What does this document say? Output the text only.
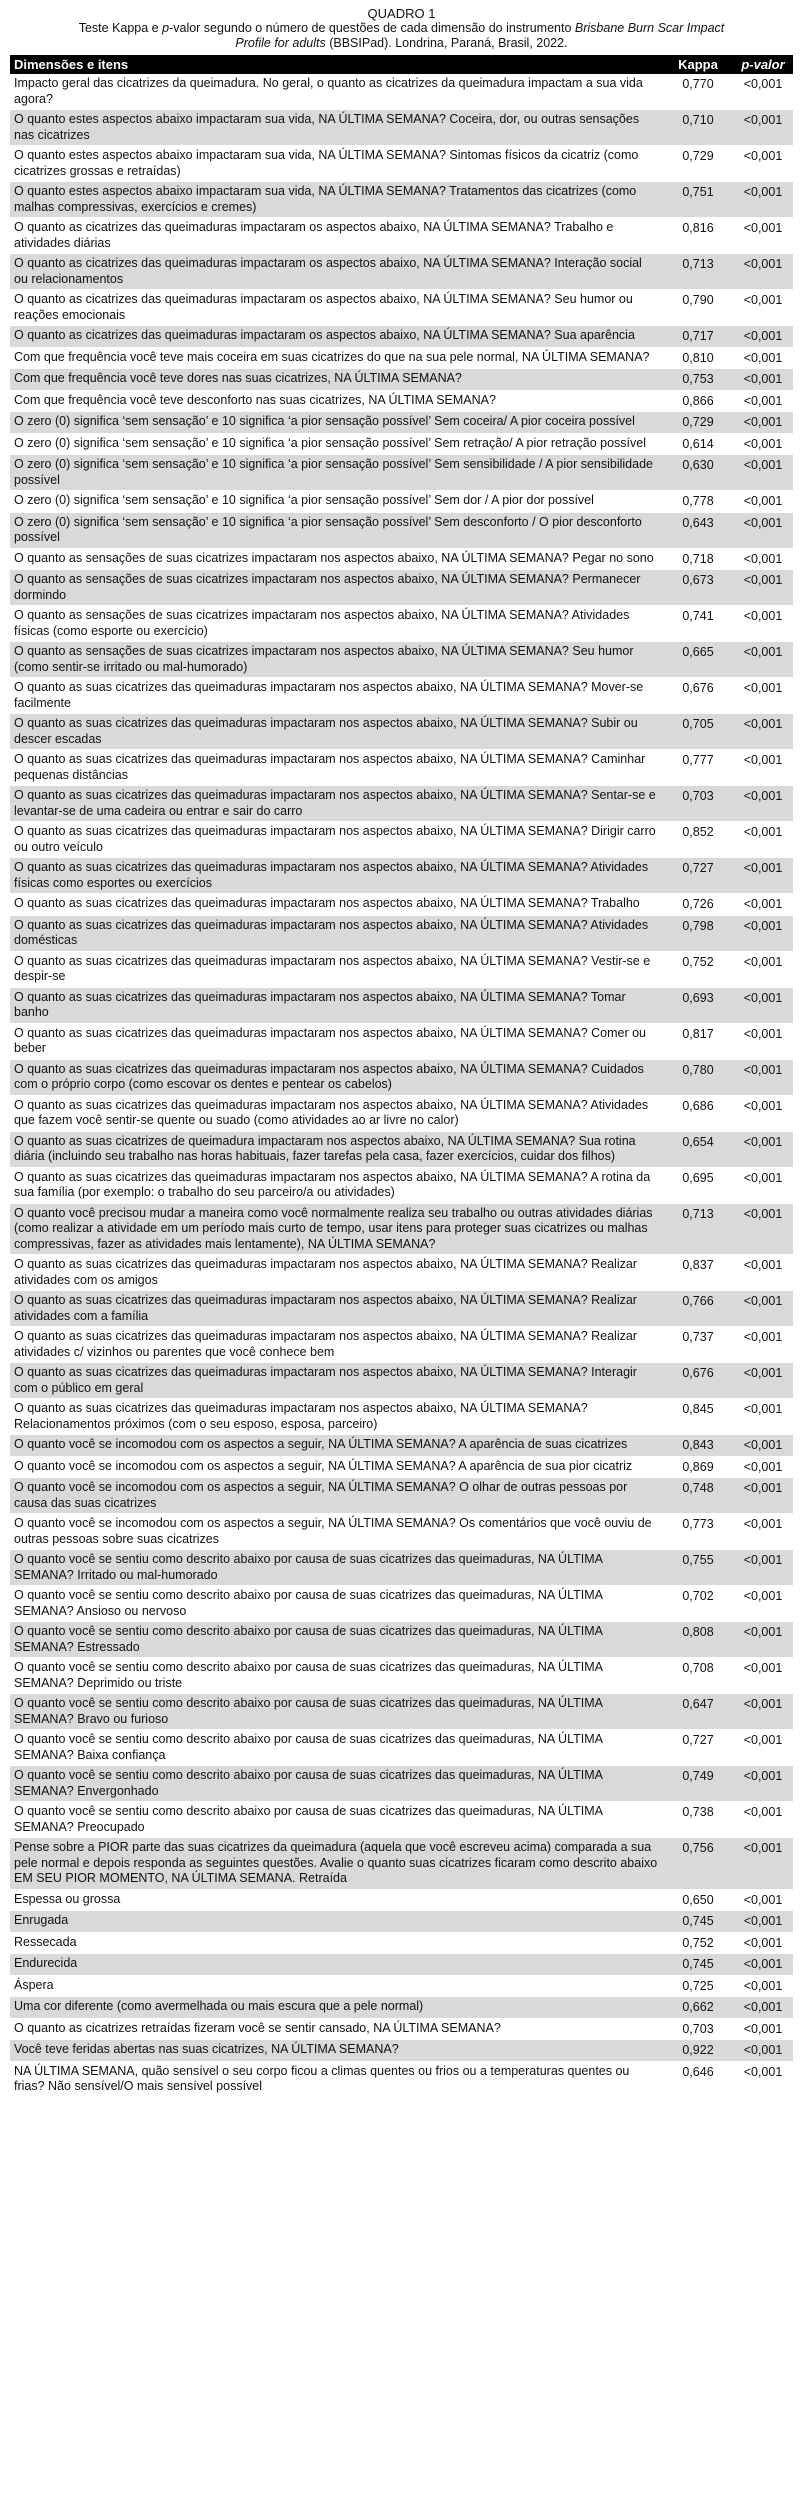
QUADRO 1
Teste Kappa e p-valor segundo o número de questões de cada dimensão do instrumento Brisbane Burn Scar Impact
Profile for adults (BBSIPad). Londrina, Paraná, Brasil, 2022.
Dimensões e itens	Kappa	p-valor
Impacto geral das cicatrizes da queimadura. No geral, o quanto as cicatrizes da queimadura impactam a sua vida agora?	0,770	<0,001
O quanto estes aspectos abaixo impactaram sua vida, NA ÚLTIMA SEMANA? Coceira, dor, ou outras sensações nas cicatrizes	0,710	<0,001
O quanto estes aspectos abaixo impactaram sua vida, NA ÚLTIMA SEMANA? Sintomas físicos da cicatriz (como cicatrizes grossas e retraídas)	0,729	<0,001
O quanto estes aspectos abaixo impactaram sua vida, NA ÚLTIMA SEMANA? Tratamentos das cicatrizes (como malhas compressivas, exercícios e cremes)	0,751	<0,001
O quanto as cicatrizes das queimaduras impactaram os aspectos abaixo, NA ÚLTIMA SEMANA? Trabalho e atividades diárias	0,816	<0,001
O quanto as cicatrizes das queimaduras impactaram os aspectos abaixo, NA ÚLTIMA SEMANA? Interação social ou relacionamentos	0,713	<0,001
O quanto as cicatrizes das queimaduras impactaram os aspectos abaixo, NA ÚLTIMA SEMANA? Seu humor ou reações emocionais	0,790	<0,001
O quanto as cicatrizes das queimaduras impactaram os aspectos abaixo, NA ÚLTIMA SEMANA? Sua aparência	0,717	<0,001
Com que frequência você teve mais coceira em suas cicatrizes do que na sua pele normal, NA ÚLTIMA SEMANA?	0,810	<0,001
Com que frequência você teve dores nas suas cicatrizes, NA ÚLTIMA SEMANA?	0,753	<0,001
Com que frequência você teve desconforto nas suas cicatrizes, NA ÚLTIMA SEMANA?	0,866	<0,001
O zero (0) significa ‘sem sensação’ e 10 significa ‘a pior sensação possível’ Sem coceira/ A pior coceira possível	0,729	<0,001
O zero (0) significa ‘sem sensação’ e 10 significa ‘a pior sensação possível’ Sem retração/ A pior retração possível	0,614	<0,001
O zero (0) significa ‘sem sensação’ e 10 significa ‘a pior sensação possível’ Sem sensibilidade / A pior sensibilidade possível	0,630	<0,001
O zero (0) significa ‘sem sensação’ e 10 significa ‘a pior sensação possível’ Sem dor / A pior dor possível	0,778	<0,001
O zero (0) significa ‘sem sensação’ e 10 significa ‘a pior sensação possível’ Sem desconforto / O pior desconforto possível	0,643	<0,001
O quanto as sensações de suas cicatrizes impactaram nos aspectos abaixo, NA ÚLTIMA SEMANA? Pegar no sono	0,718	<0,001
O quanto as sensações de suas cicatrizes impactaram nos aspectos abaixo, NA ÚLTIMA SEMANA? Permanecer dormindo	0,673	<0,001
O quanto as sensações de suas cicatrizes impactaram nos aspectos abaixo, NA ÚLTIMA SEMANA? Atividades físicas (como esporte ou exercício)	0,741	<0,001
O quanto as sensações de suas cicatrizes impactaram nos aspectos abaixo, NA ÚLTIMA SEMANA? Seu humor (como sentir-se irritado ou mal-humorado)	0,665	<0,001
O quanto as suas cicatrizes das queimaduras impactaram nos aspectos abaixo, NA ÚLTIMA SEMANA? Mover-se facilmente	0,676	<0,001
O quanto as suas cicatrizes das queimaduras impactaram nos aspectos abaixo, NA ÚLTIMA SEMANA? Subir ou descer escadas	0,705	<0,001
O quanto as suas cicatrizes das queimaduras impactaram nos aspectos abaixo, NA ÚLTIMA SEMANA? Caminhar pequenas distâncias	0,777	<0,001
O quanto as suas cicatrizes das queimaduras impactaram nos aspectos abaixo, NA ÚLTIMA SEMANA? Sentar-se e levantar-se de uma cadeira ou entrar e sair do carro	0,703	<0,001
O quanto as suas cicatrizes das queimaduras impactaram nos aspectos abaixo, NA ÚLTIMA SEMANA? Dirigir carro ou outro veículo	0,852	<0,001
O quanto as suas cicatrizes das queimaduras impactaram nos aspectos abaixo, NA ÚLTIMA SEMANA? Atividades físicas como esportes ou exercícios	0,727	<0,001
O quanto as suas cicatrizes das queimaduras impactaram nos aspectos abaixo, NA ÚLTIMA SEMANA? Trabalho	0,726	<0,001
O quanto as suas cicatrizes das queimaduras impactaram nos aspectos abaixo, NA ÚLTIMA SEMANA? Atividades domésticas	0,798	<0,001
O quanto as suas cicatrizes das queimaduras impactaram nos aspectos abaixo, NA ÚLTIMA SEMANA? Vestir-se e despir-se	0,752	<0,001
O quanto as suas cicatrizes das queimaduras impactaram nos aspectos abaixo, NA ÚLTIMA SEMANA? Tomar banho	0,693	<0,001
O quanto as suas cicatrizes das queimaduras impactaram nos aspectos abaixo, NA ÚLTIMA SEMANA? Comer ou beber	0,817	<0,001
O quanto as suas cicatrizes das queimaduras impactaram nos aspectos abaixo, NA ÚLTIMA SEMANA? Cuidados com o próprio corpo (como escovar os dentes e pentear os cabelos)	0,780	<0,001
O quanto as suas cicatrizes das queimaduras impactaram nos aspectos abaixo, NA ÚLTIMA SEMANA? Atividades que fazem você sentir-se quente ou suado (como atividades ao ar livre no calor)	0,686	<0,001
O quanto as suas cicatrizes de queimadura impactaram nos aspectos abaixo, NA ÚLTIMA SEMANA? Sua rotina diária (incluindo seu trabalho nas horas habituais, fazer tarefas pela casa, fazer exercícios, cuidar dos filhos)	0,654	<0,001
O quanto as suas cicatrizes das queimaduras impactaram nos aspectos abaixo, NA ÚLTIMA SEMANA? A rotina da sua família (por exemplo: o trabalho do seu parceiro/a ou atividades)	0,695	<0,001
O quanto você precisou mudar a maneira como você normalmente realiza seu trabalho ou outras atividades diárias (como realizar a atividade em um período mais curto de tempo, usar itens para proteger suas cicatrizes ou malhas compressivas, fazer as atividades mais lentamente), NA ÚLTIMA SEMANA?	0,713	<0,001
O quanto as suas cicatrizes das queimaduras impactaram nos aspectos abaixo, NA ÚLTIMA SEMANA? Realizar atividades com os amigos	0,837	<0,001
O quanto as suas cicatrizes das queimaduras impactaram nos aspectos abaixo, NA ÚLTIMA SEMANA? Realizar atividades com a família	0,766	<0,001
O quanto as suas cicatrizes das queimaduras impactaram nos aspectos abaixo, NA ÚLTIMA SEMANA? Realizar atividades c/ vizinhos ou parentes que você conhece bem	0,737	<0,001
O quanto as suas cicatrizes das queimaduras impactaram nos aspectos abaixo, NA ÚLTIMA SEMANA? Interagir com o público em geral	0,676	<0,001
O quanto as suas cicatrizes das queimaduras impactaram nos aspectos abaixo, NA ÚLTIMA SEMANA? Relacionamentos próximos (com o seu esposo, esposa, parceiro)	0,845	<0,001
O quanto você se incomodou com os aspectos a seguir, NA ÚLTIMA SEMANA? A aparência de suas cicatrizes	0,843	<0,001
O quanto você se incomodou com os aspectos a seguir, NA ÚLTIMA SEMANA? A aparência de sua pior cicatriz	0,869	<0,001
O quanto você se incomodou com os aspectos a seguir, NA ÚLTIMA SEMANA? O olhar de outras pessoas por causa das suas cicatrizes	0,748	<0,001
O quanto você se incomodou com os aspectos a seguir, NA ÚLTIMA SEMANA? Os comentários que você ouviu de outras pessoas sobre suas cicatrizes	0,773	<0,001
O quanto você se sentiu como descrito abaixo por causa de suas cicatrizes das queimaduras, NA ÚLTIMA SEMANA? Irritado ou mal-humorado	0,755	<0,001
O quanto você se sentiu como descrito abaixo por causa de suas cicatrizes das queimaduras, NA ÚLTIMA SEMANA? Ansioso ou nervoso	0,702	<0,001
O quanto você se sentiu como descrito abaixo por causa de suas cicatrizes das queimaduras, NA ÚLTIMA SEMANA? Estressado	0,808	<0,001
O quanto você se sentiu como descrito abaixo por causa de suas cicatrizes das queimaduras, NA ÚLTIMA SEMANA? Deprimido ou triste	0,708	<0,001
O quanto você se sentiu como descrito abaixo por causa de suas cicatrizes das queimaduras, NA ÚLTIMA SEMANA? Bravo ou furioso	0,647	<0,001
O quanto você se sentiu como descrito abaixo por causa de suas cicatrizes das queimaduras, NA ÚLTIMA SEMANA? Baixa confiança	0,727	<0,001
O quanto você se sentiu como descrito abaixo por causa de suas cicatrizes das queimaduras, NA ÚLTIMA SEMANA? Envergonhado	0,749	<0,001
O quanto você se sentiu como descrito abaixo por causa de suas cicatrizes das queimaduras, NA ÚLTIMA SEMANA? Preocupado	0,738	<0,001
Pense sobre a PIOR parte das suas cicatrizes da queimadura (aquela que você escreveu acima) comparada a sua pele normal e depois responda as seguintes questões. Avalie o quanto suas cicatrizes ficaram como descrito abaixo EM SEU PIOR MOMENTO, NA ÚLTIMA SEMANA. Retraída	0,756	<0,001
Espessa ou grossa	0,650	<0,001
Enrugada	0,745	<0,001
Ressecada	0,752	<0,001
Endurecida	0,745	<0,001
Áspera	0,725	<0,001
Uma cor diferente (como avermelhada ou mais escura que a pele normal)	0,662	<0,001
O quanto as cicatrizes retraídas fizeram você se sentir cansado, NA ÚLTIMA SEMANA?	0,703	<0,001
Você teve feridas abertas nas suas cicatrizes, NA ÚLTIMA SEMANA?	0,922	<0,001
NA ÚLTIMA SEMANA, quão sensível o seu corpo ficou a climas quentes ou frios ou a temperaturas quentes ou frias? Não sensível/O mais sensível possível	0,646	<0,001
